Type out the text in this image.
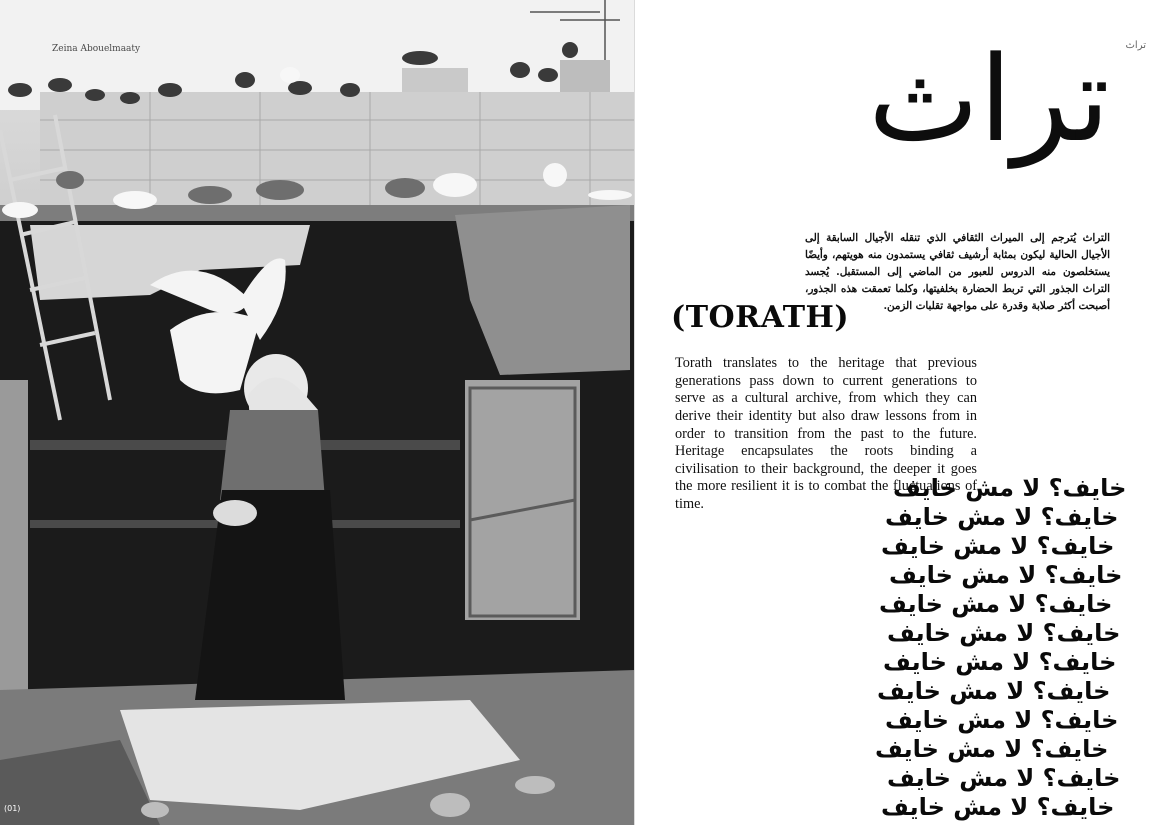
Zeina Abouelmaaty
(01)
تراث
تراث

التراث يُترجم إلى الميراث الثقافي الذي تنقله الأجيال السابقة إلى الأجيال الحالية ليكون بمثابة أرشيف ثقافي يستمدون منه هويتهم، وأيضًا يستخلصون منه الدروس للعبور من الماضي إلى المستقبل. يُجسد التراث الجذور التي تربط الحضارة بخلفيتها، وكلما تعمقت هذه الجذور، أصبحت أكثر صلابة وقدرة على مواجهة تقلبات الزمن.

(TORATH)

Torath translates to the heritage that previous generations pass down to current generations to serve as a cultural archive, from which they can derive their identity but also draw lessons from in order to transition from the past to the future. Heritage encapsulates the roots binding a civilisation to their background, the deeper it goes the more resilient it is to combat the fluctuations of time.

خايف؟ لا مش خايف
خايف؟ لا مش خايف
خايف؟ لا مش خايف
خايف؟ لا مش خايف
خايف؟ لا مش خايف
خايف؟ لا مش خايف
خايف؟ لا مش خايف
خايف؟ لا مش خايف
خايف؟ لا مش خايف
خايف؟ لا مش خايف
خايف؟ لا مش خايف
خايف؟ لا مش خايف
